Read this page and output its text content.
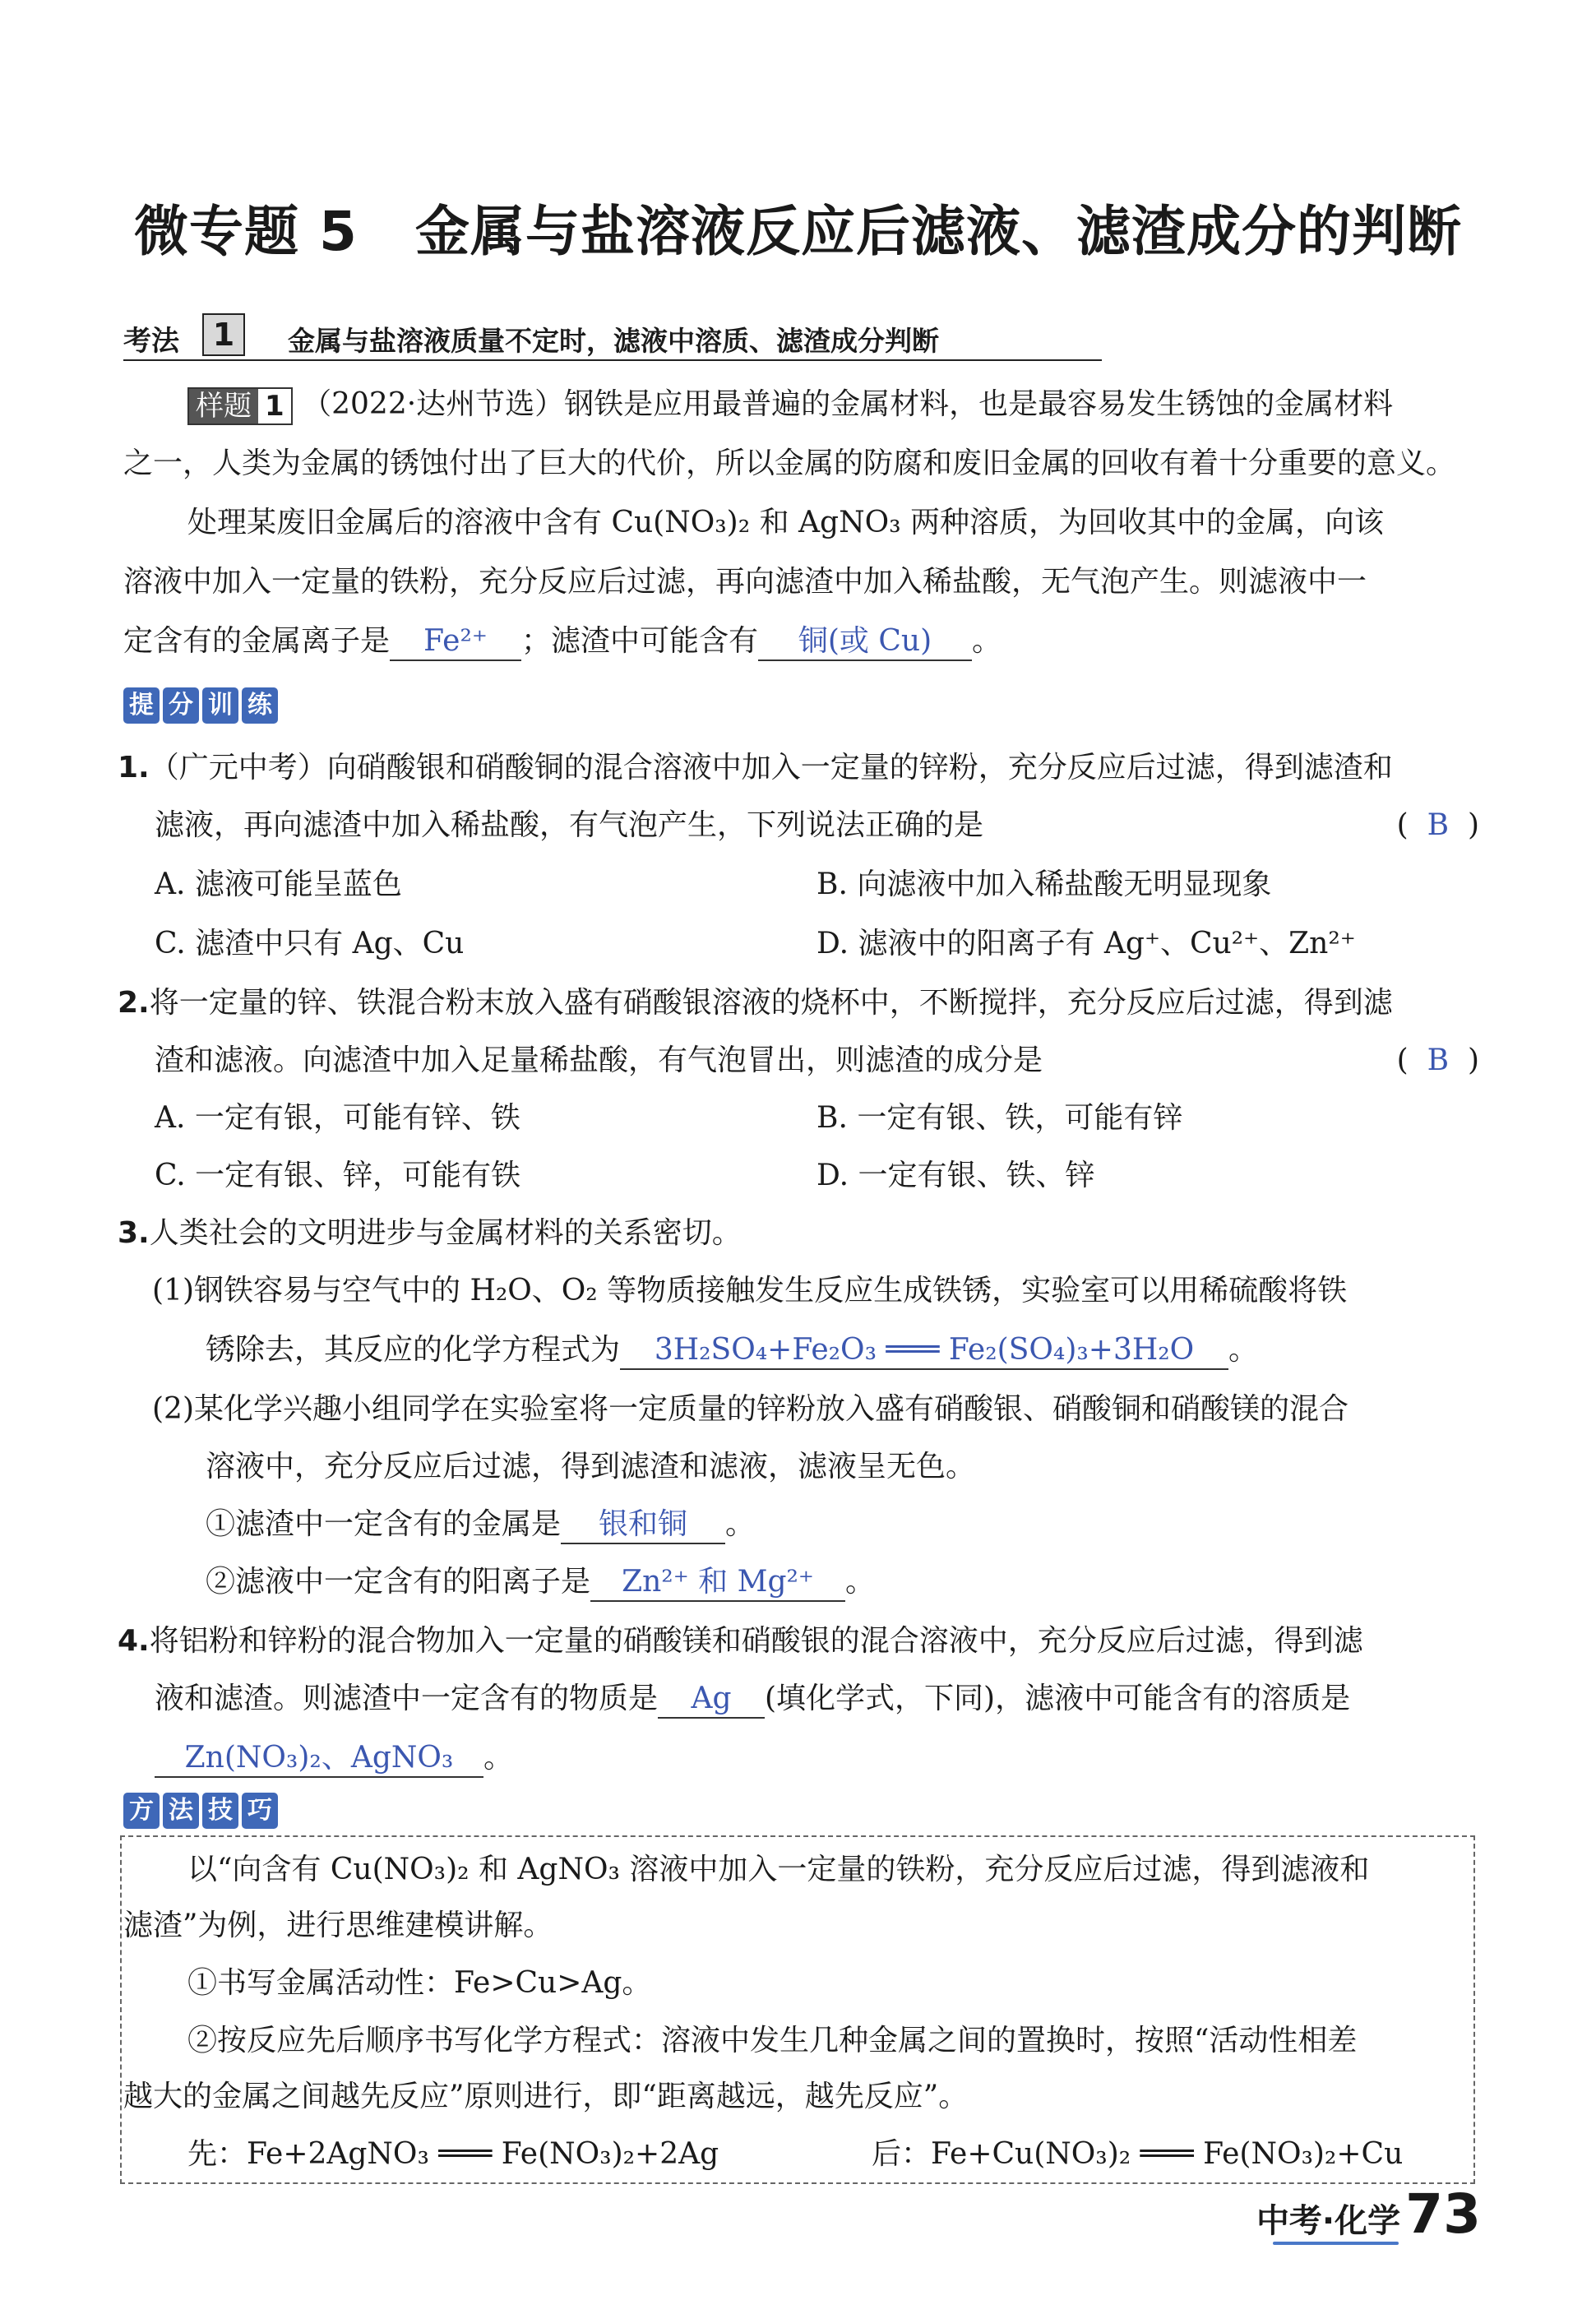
微专题 5 金属与盐溶液反应后滤液、滤渣成分的判断
考法	1	金属与盐溶液质量不定时，滤液中溶质、滤渣成分判断
样题 1 （2022·达州节选）钢铁是应用最普遍的金属材料，也是最容易发生锈蚀的金属材料
之一，人类为金属的锈蚀付出了巨大的代价，所以金属的防腐和废旧金属的回收有着十分重要的意义。
处理某废旧金属后的溶液中含有 Cu(NO₃)₂ 和 AgNO₃ 两种溶质，为回收其中的金属，向该
溶液中加入一定量的铁粉，充分反应后过滤，再向滤渣中加入稀盐酸，无气泡产生。则滤液中一
定含有的金属离子是 Fe²⁺ ；滤渣中可能含有 铜(或 Cu) 。
提 分 训 练
1.（广元中考）向硝酸银和硝酸铜的混合溶液中加入一定量的锌粉，充分反应后过滤，得到滤渣和
滤液，再向滤渣中加入稀盐酸，有气泡产生，下列说法正确的是	(  B  )
A. 滤液可能呈蓝色	B. 向滤液中加入稀盐酸无明显现象
C. 滤渣中只有 Ag、Cu	D. 滤液中的阳离子有 Ag⁺、Cu²⁺、Zn²⁺
2.将一定量的锌、铁混合粉末放入盛有硝酸银溶液的烧杯中，不断搅拌，充分反应后过滤，得到滤
渣和滤液。向滤渣中加入足量稀盐酸，有气泡冒出，则滤渣的成分是	(  B  )
A. 一定有银，可能有锌、铁	B. 一定有银、铁，可能有锌
C. 一定有银、锌，可能有铁	D. 一定有银、铁、锌
3.人类社会的文明进步与金属材料的关系密切。
(1)钢铁容易与空气中的 H₂O、O₂ 等物质接触发生反应生成铁锈，实验室可以用稀硫酸将铁
锈除去，其反应的化学方程式为 3H₂SO₄+Fe₂O₃ ═══ Fe₂(SO₄)₃+3H₂O 。
(2)某化学兴趣小组同学在实验室将一定质量的锌粉放入盛有硝酸银、硝酸铜和硝酸镁的混合
溶液中，充分反应后过滤，得到滤渣和滤液，滤液呈无色。
①滤渣中一定含有的金属是 银和铜 。
②滤液中一定含有的阳离子是 Zn²⁺ 和 Mg²⁺ 。
4.将铝粉和锌粉的混合物加入一定量的硝酸镁和硝酸银的混合溶液中，充分反应后过滤，得到滤
液和滤渣。则滤渣中一定含有的物质是 Ag (填化学式，下同)，滤液中可能含有的溶质是
Zn(NO₃)₂、AgNO₃ 。
方 法 技 巧
以“向含有 Cu(NO₃)₂ 和 AgNO₃ 溶液中加入一定量的铁粉，充分反应后过滤，得到滤液和
滤渣”为例，进行思维建模讲解。
①书写金属活动性：Fe>Cu>Ag。
②按反应先后顺序书写化学方程式：溶液中发生几种金属之间的置换时，按照“活动性相差
越大的金属之间越先反应”原则进行，即“距离越远，越先反应”。
先：Fe+2AgNO₃ ═══ Fe(NO₃)₂+2Ag	后：Fe+Cu(NO₃)₂ ═══ Fe(NO₃)₂+Cu
中考·化学 73
